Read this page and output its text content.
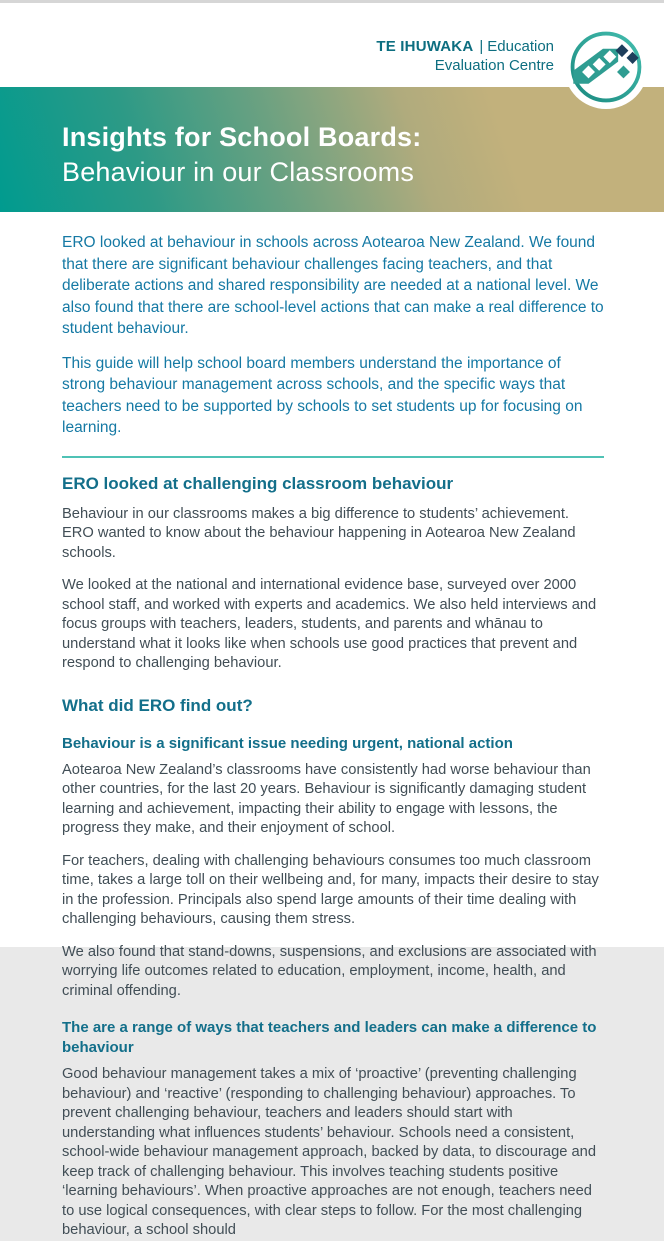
TE IHUWAKA | Education
Evaluation Centre
Insights for School Boards:
Behaviour in our Classrooms

ERO looked at behaviour in schools across Aotearoa New Zealand. We found that there are significant behaviour challenges facing teachers, and that deliberate actions and shared responsibility are needed at a national level. We also found that there are school-level actions that can make a real difference to student behaviour.

This guide will help school board members understand the importance of strong behaviour management across schools, and the specific ways that teachers need to be supported by schools to set students up for focusing on learning.

ERO looked at challenging classroom behaviour

Behaviour in our classrooms makes a big difference to students’ achievement. ERO wanted to know about the behaviour happening in Aotearoa New Zealand schools.

We looked at the national and international evidence base, surveyed over 2000 school staff, and worked with experts and academics. We also held interviews and focus groups with teachers, leaders, students, and parents and whānau to understand what it looks like when schools use good practices that prevent and respond to challenging behaviour.

What did ERO find out?
Behaviour is a significant issue needing urgent, national action

Aotearoa New Zealand’s classrooms have consistently had worse behaviour than other countries, for the last 20 years. Behaviour is significantly damaging student learning and achievement, impacting their ability to engage with lessons, the progress they make, and their enjoyment of school.

For teachers, dealing with challenging behaviours consumes too much classroom time, takes a large toll on their wellbeing and, for many, impacts their desire to stay in the profession. Principals also spend large amounts of their time dealing with challenging behaviours, causing them stress.

We also found that stand-downs, suspensions, and exclusions are associated with worrying life outcomes related to education, employment, income, health, and criminal offending.

The are a range of ways that teachers and leaders can make a difference to behaviour

Good behaviour management takes a mix of ‘proactive’ (preventing challenging behaviour) and ‘reactive’ (responding to challenging behaviour) approaches. To prevent challenging behaviour, teachers and leaders should start with understanding what influences students’ behaviour. Schools need a consistent, school-wide behaviour management approach, backed by data, to discourage and keep track of challenging behaviour. This involves teaching students positive ‘learning behaviours’. When proactive approaches are not enough, teachers need to use logical consequences, with clear steps to follow. For the most challenging behaviour, a school should
